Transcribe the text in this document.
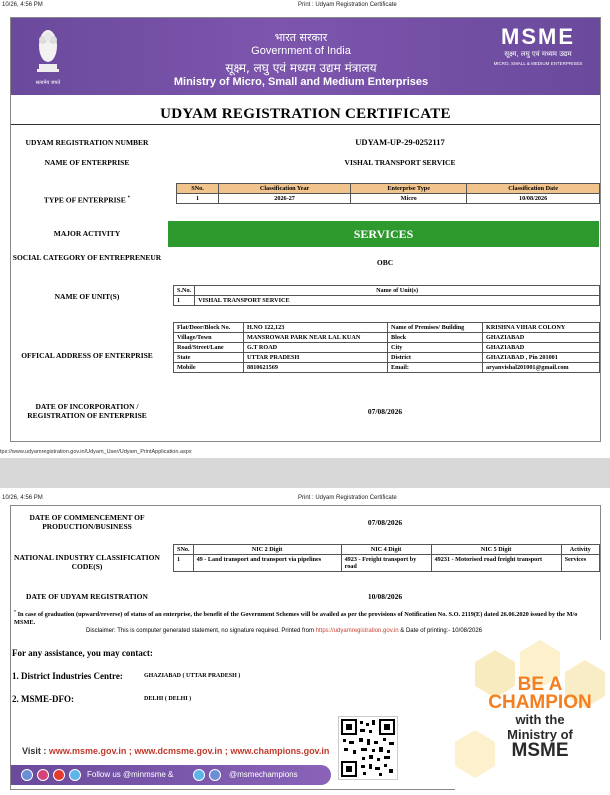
10/26, 4:56 PM	Print : Udyam Registration Certificate
सत्यमेव जयते
भारत सरकार
Government of India
सूक्ष्म, लघु एवं मध्यम उद्यम मंत्रालय
Ministry of Micro, Small and Medium Enterprises
MSME
सूक्ष्म, लघु एवं मध्यम उद्यम
MICRO, SMALL & MEDIUM ENTERPRISES
UDYAM REGISTRATION CERTIFICATE
UDYAM REGISTRATION NUMBER	UDYAM-UP-29-0252117
NAME OF ENTERPRISE	VISHAL TRANSPORT SERVICE
TYPE OF ENTERPRISE *
SNo.	Classification Year	Enterprise Type	Classification Date
1	2026-27	Micro	10/08/2026
MAJOR ACTIVITY	SERVICES
SOCIAL CATEGORY OF ENTREPRENEUR
OBC
NAME OF UNIT(S)
S.No.	Name of Unit(s)
1	VISHAL TRANSPORT SERVICE
OFFICAL ADDRESS OF ENTERPRISE
Flat/Door/Block No.	H.NO 122,123	Name of Premises/ Building	KRISHNA VIHAR COLONY
Village/Town	MANSROWAR PARK NEAR LAL KUAN	Block	GHAZIABAD
Road/Street/Lane	G.T ROAD	City	GHAZIABAD
State	UTTAR PRADESH	District	GHAZIABAD , Pin 201001
Mobile	8810621569	Email:	aryanvishal201001@gmail.com
DATE OF INCORPORATION / REGISTRATION OF ENTERPRISE	07/08/2026
tps://www.udyamregistration.gov.in/Udyam_User/Udyam_PrintApplication.aspx
10/26, 4:56 PM	Print : Udyam Registration Certificate
DATE OF COMMENCEMENT OF PRODUCTION/BUSINESS	07/08/2026
NATIONAL INDUSTRY CLASSIFICATION CODE(S)
SNo.	NIC 2 Digit	NIC 4 Digit	NIC 5 Digit	Activity
1	49 - Land transport and transport via pipelines	4923 - Freight transport by road	49231 - Motorised road freight transport	Services
DATE OF UDYAM REGISTRATION	10/08/2026
* In case of graduation (upward/reverse) of status of an enterprise, the benefit of the Government Schemes will be availed as per the provisions of Notification No. S.O. 2119(E) dated 26.06.2020 issued by the M/o MSME.
Disclaimer: This is computer generated statement, no signature required. Printed from https://udyamregistration.gov.in & Date of printing:- 10/08/2026
For any assistance, you may contact:
1. District Industries Centre:	GHAZIABAD ( UTTAR PRADESH )
2. MSME-DFO:	DELHI ( DELHI )
BE A
CHAMPION
with the
Ministry of
MSME
Visit : www.msme.gov.in ; www.dcmsme.gov.in ; www.champions.gov.in
Follow us @minmsme &	@msmechampions
